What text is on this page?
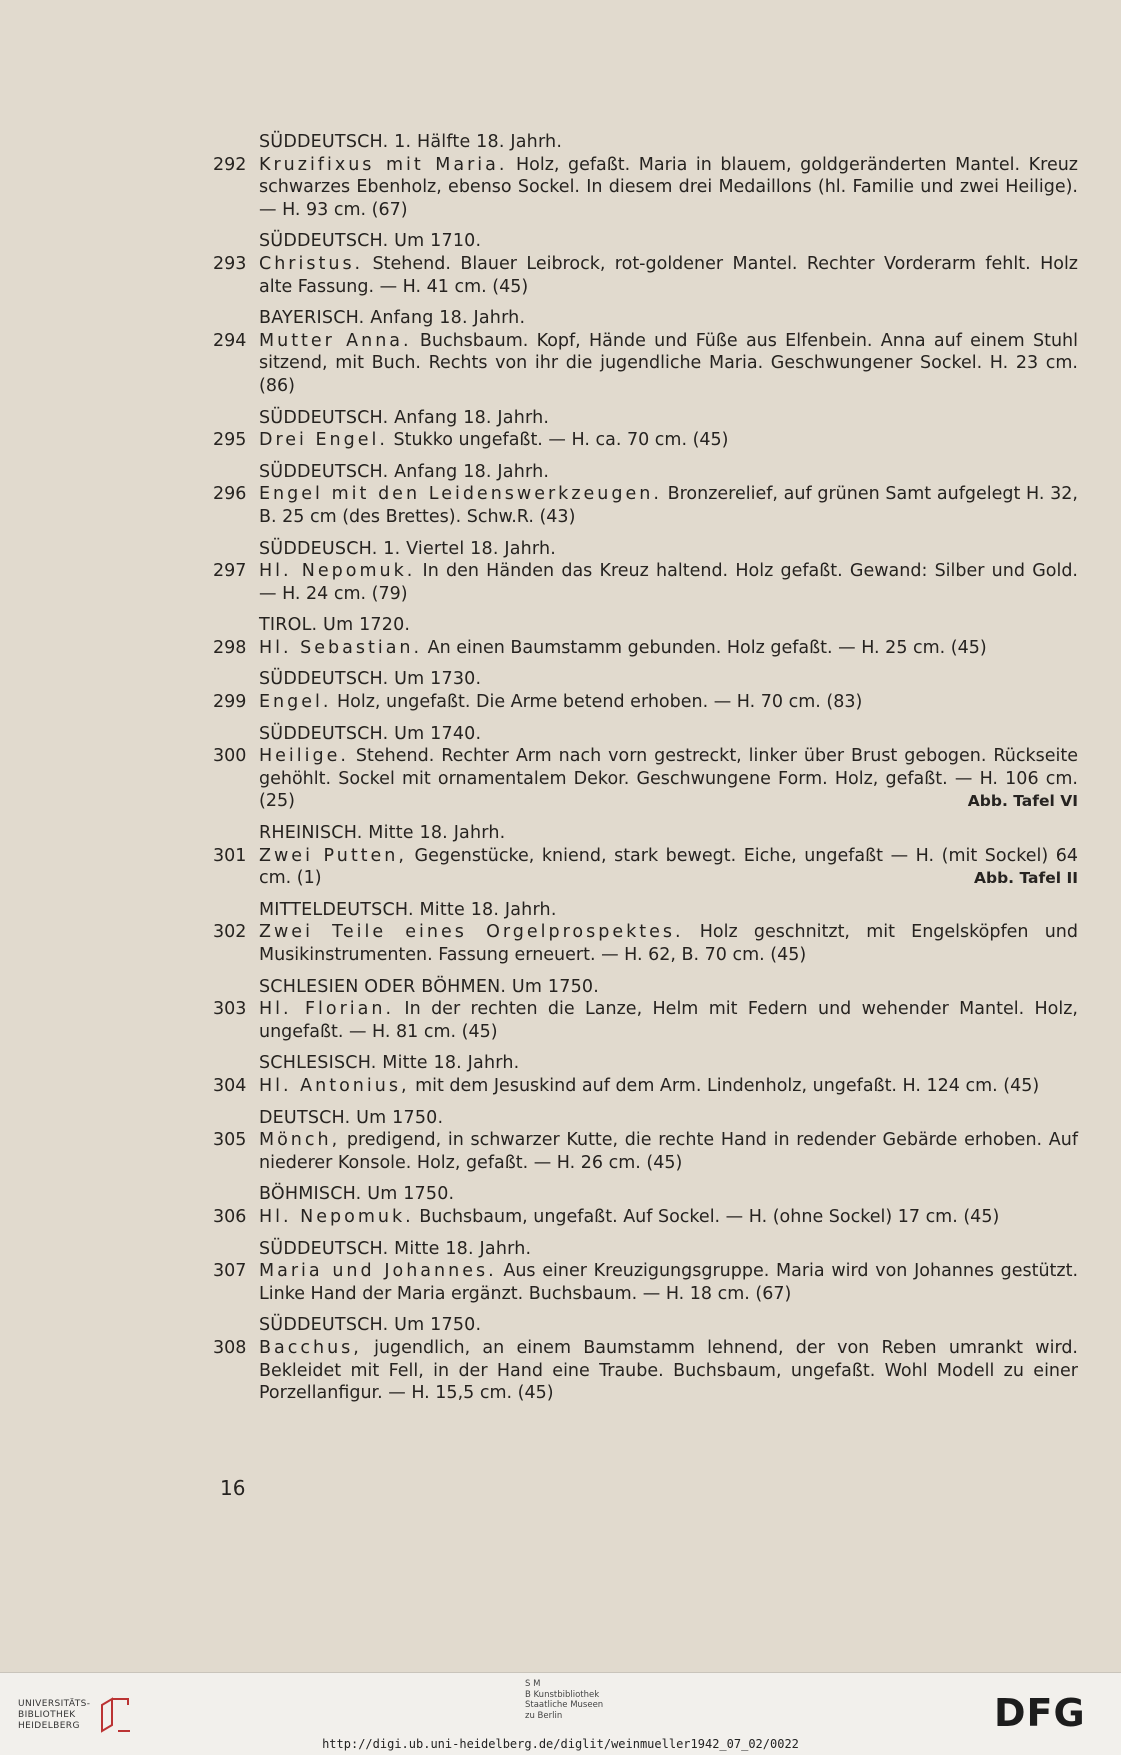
SÜDDEUTSCH. 1. Hälfte 18. Jahrh.
292 Kruzifixus mit Maria. Holz, gefaßt. Maria in blauem, goldgeränderten Mantel. Kreuz schwarzes Ebenholz, ebenso Sockel. In diesem drei Medaillons (hl. Familie und zwei Heilige). — H. 93 cm. (67)
SÜDDEUTSCH. Um 1710.
293 Christus. Stehend. Blauer Leibrock, rot-goldener Mantel. Rechter Vorderarm fehlt. Holz alte Fassung. — H. 41 cm. (45)
BAYERISCH. Anfang 18. Jahrh.
294 Mutter Anna. Buchsbaum. Kopf, Hände und Füße aus Elfenbein. Anna auf einem Stuhl sitzend, mit Buch. Rechts von ihr die jugendliche Maria. Geschwungener Sockel. H. 23 cm. (86)
SÜDDEUTSCH. Anfang 18. Jahrh.
295 Drei Engel. Stukko ungefaßt. — H. ca. 70 cm. (45)
SÜDDEUTSCH. Anfang 18. Jahrh.
296 Engel mit den Leidenswerkzeugen. Bronzerelief, auf grünen Samt aufgelegt H. 32, B. 25 cm (des Brettes). Schw.R. (43)
SÜDDEUSCH. 1. Viertel 18. Jahrh.
297 Hl. Nepomuk. In den Händen das Kreuz haltend. Holz gefaßt. Gewand: Silber und Gold. — H. 24 cm. (79)
TIROL. Um 1720.
298 Hl. Sebastian. An einen Baumstamm gebunden. Holz gefaßt. — H. 25 cm. (45)
SÜDDEUTSCH. Um 1730.
299 Engel. Holz, ungefaßt. Die Arme betend erhoben. — H. 70 cm. (83)
SÜDDEUTSCH. Um 1740.
300 Heilige. Stehend. Rechter Arm nach vorn gestreckt, linker über Brust gebogen. Rückseite gehöhlt. Sockel mit ornamentalem Dekor. Geschwungene Form. Holz, gefaßt. — H. 106 cm. (25)	Abb. Tafel VI
RHEINISCH. Mitte 18. Jahrh.
301 Zwei Putten, Gegenstücke, kniend, stark bewegt. Eiche, ungefaßt — H. (mit Sockel) 64 cm. (1)	Abb. Tafel II
MITTELDEUTSCH. Mitte 18. Jahrh.
302 Zwei Teile eines Orgelprospektes. Holz geschnitzt, mit Engelsköpfen und Musikinstrumenten. Fassung erneuert. — H. 62, B. 70 cm. (45)
SCHLESIEN ODER BÖHMEN. Um 1750.
303 Hl. Florian. In der rechten die Lanze, Helm mit Federn und wehender Mantel. Holz, ungefaßt. — H. 81 cm. (45)
SCHLESISCH. Mitte 18. Jahrh.
304 Hl. Antonius, mit dem Jesuskind auf dem Arm. Lindenholz, ungefaßt. H. 124 cm. (45)
DEUTSCH. Um 1750.
305 Mönch, predigend, in schwarzer Kutte, die rechte Hand in redender Gebärde erhoben. Auf niederer Konsole. Holz, gefaßt. — H. 26 cm. (45)
BÖHMISCH. Um 1750.
306 Hl. Nepomuk. Buchsbaum, ungefaßt. Auf Sockel. — H. (ohne Sockel) 17 cm. (45)
SÜDDEUTSCH. Mitte 18. Jahrh.
307 Maria und Johannes. Aus einer Kreuzigungsgruppe. Maria wird von Johannes gestützt. Linke Hand der Maria ergänzt. Buchsbaum. — H. 18 cm. (67)
SÜDDEUTSCH. Um 1750.
308 Bacchus, jugendlich, an einem Baumstamm lehnend, der von Reben umrankt wird. Bekleidet mit Fell, in der Hand eine Traube. Buchsbaum, ungefaßt. Wohl Modell zu einer Porzellanfigur. — H. 15,5 cm. (45)
16
UNIVERSITÄTS-
BIBLIOTHEK
HEIDELBERG
S M
B Kunstbibliothek
Staatliche Museen
zu Berlin	DFG
http://digi.ub.uni-heidelberg.de/diglit/weinmueller1942_07_02/0022
